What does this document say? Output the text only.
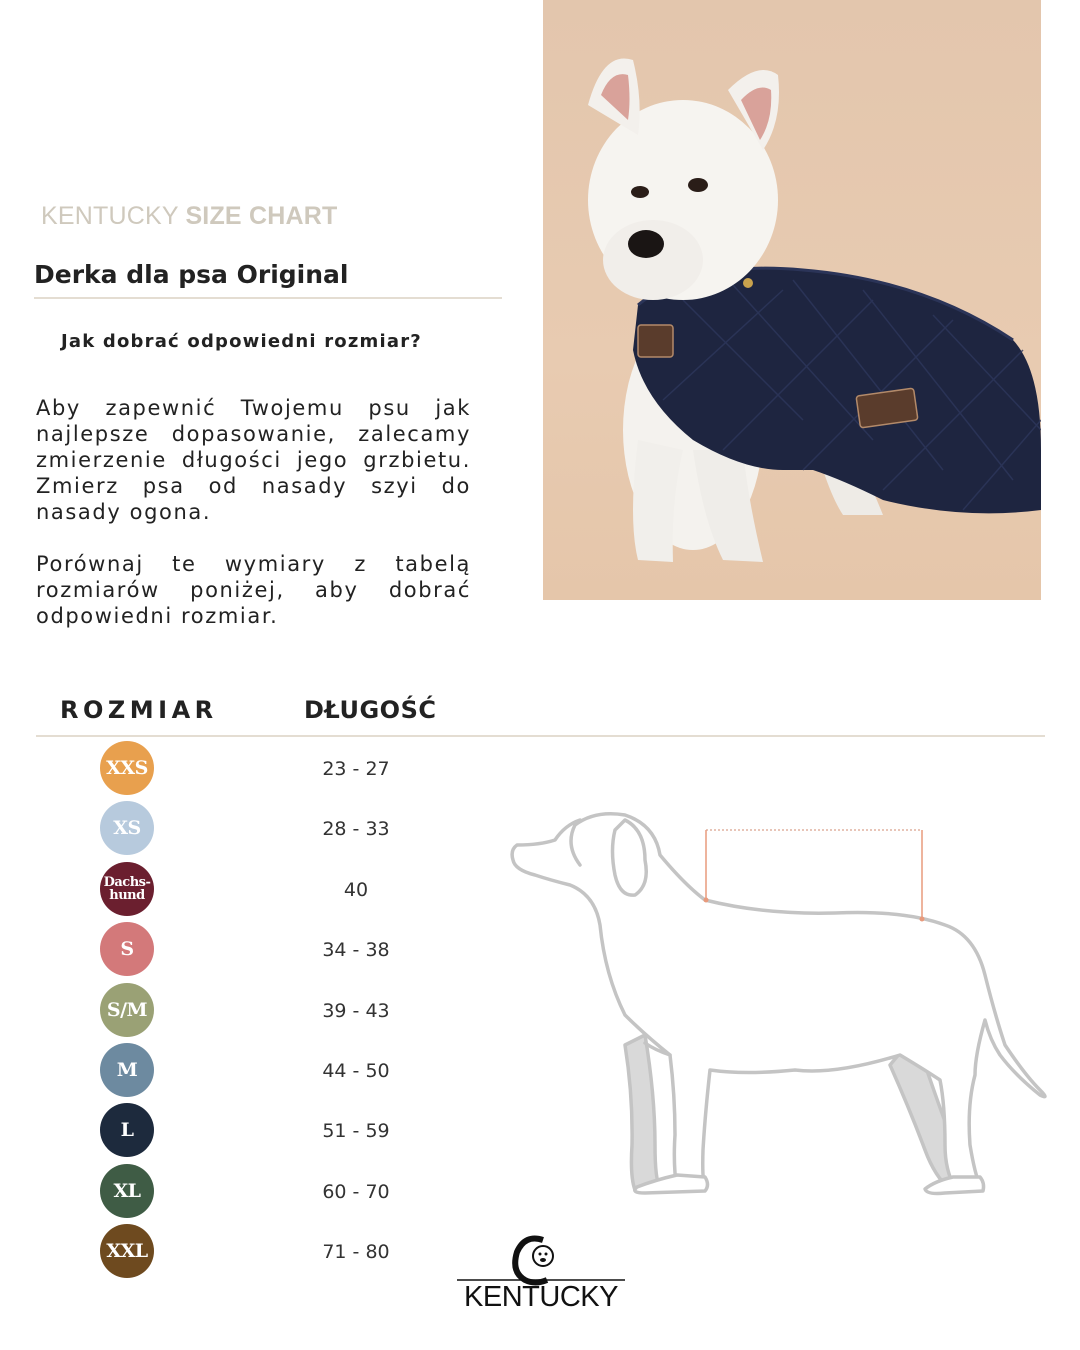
KENTUCKY SIZE CHART
Derka dla psa Original
Jak dobrać odpowiedni rozmiar?
Aby zapewnić Twojemu psu jak najlepsze dopasowanie, zalecamy zmierzenie długości jego grzbietu. Zmierz psa od nasady szyi do nasady ogona.
Porównaj te wymiary z tabelą rozmiarów poniżej, aby dobrać odpowiedni rozmiar.
ROZMIAR	DŁUGOŚĆ
XXS	23 - 27
XS	28 - 33
Dachs-
hund	40
S	34 - 38
S/M	39 - 43
M	44 - 50
L	51 - 59
XL	60 - 70
XXL	71 - 80
KENTUCKY
